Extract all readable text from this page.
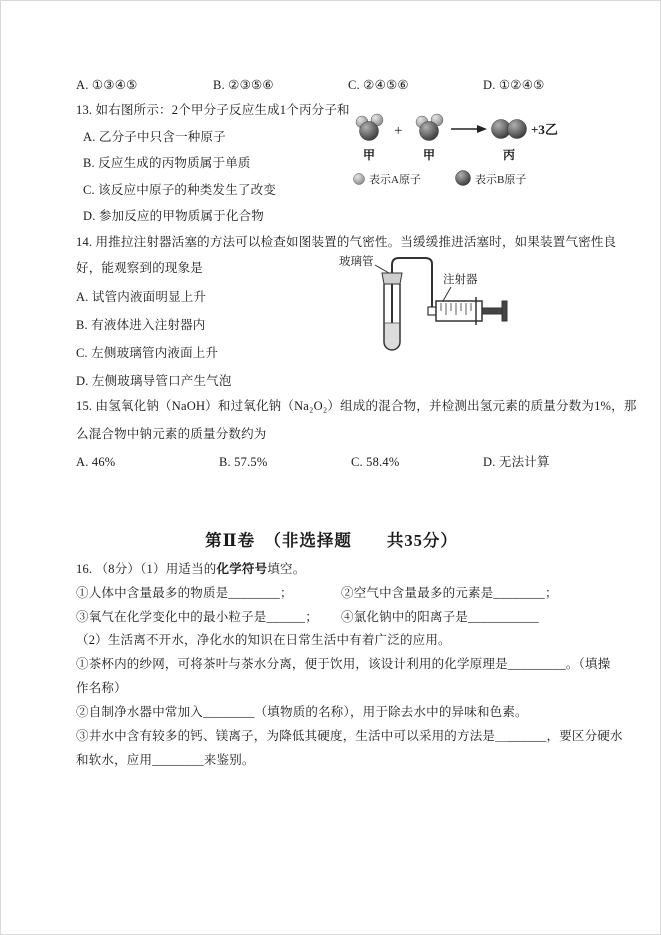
A. ①③④⑤	B. ②③⑤⑥	C. ②④⑤⑥	D. ①②④⑤
13. 如右图所示：2个甲分子反应生成1个丙分子和
A. 乙分子中只含一种原子
B. 反应生成的丙物质属于单质
C. 该反应中原子的种类发生了改变
D. 参加反应的甲物质属于化合物
+	+3乙
甲	甲	丙
表示A原子	表示B原子
14. 用推拉注射器活塞的方法可以检查如图装置的气密性。当缓缓推进活塞时，如果装置气密性良
好，能观察到的现象是
A. 试管内液面明显上升
B. 有液体进入注射器内
C. 左侧玻璃管内液面上升
D. 左侧玻璃导管口产生气泡
玻璃管
注射器
15. 由氢氧化钠（NaOH）和过氧化钠（Na₂O₂）组成的混合物，并检测出氢元素的质量分数为1%，那
么混合物中钠元素的质量分数约为
A. 46%	B. 57.5%	C. 58.4%	D. 无法计算
第Ⅱ卷　（非选择题　　共35分）
16. （8分）（1）用适当的化学符号填空。
①人体中含量最多的物质是________；	②空气中含量最多的元素是________；
③氧气在化学变化中的最小粒子是______； ④氯化钠中的阳离子是___________
（2）生活离不开水，净化水的知识在日常生活中有着广泛的应用。
①茶杯内的纱网，可将茶叶与茶水分离，便于饮用，该设计利用的化学原理是_________。（填操
作名称）
②自制净水器中常加入________（填物质的名称），用于除去水中的异味和色素。
③井水中含有较多的钙、镁离子，为降低其硬度，生活中可以采用的方法是＿______，要区分硬水
和软水，应用________来鉴别。
